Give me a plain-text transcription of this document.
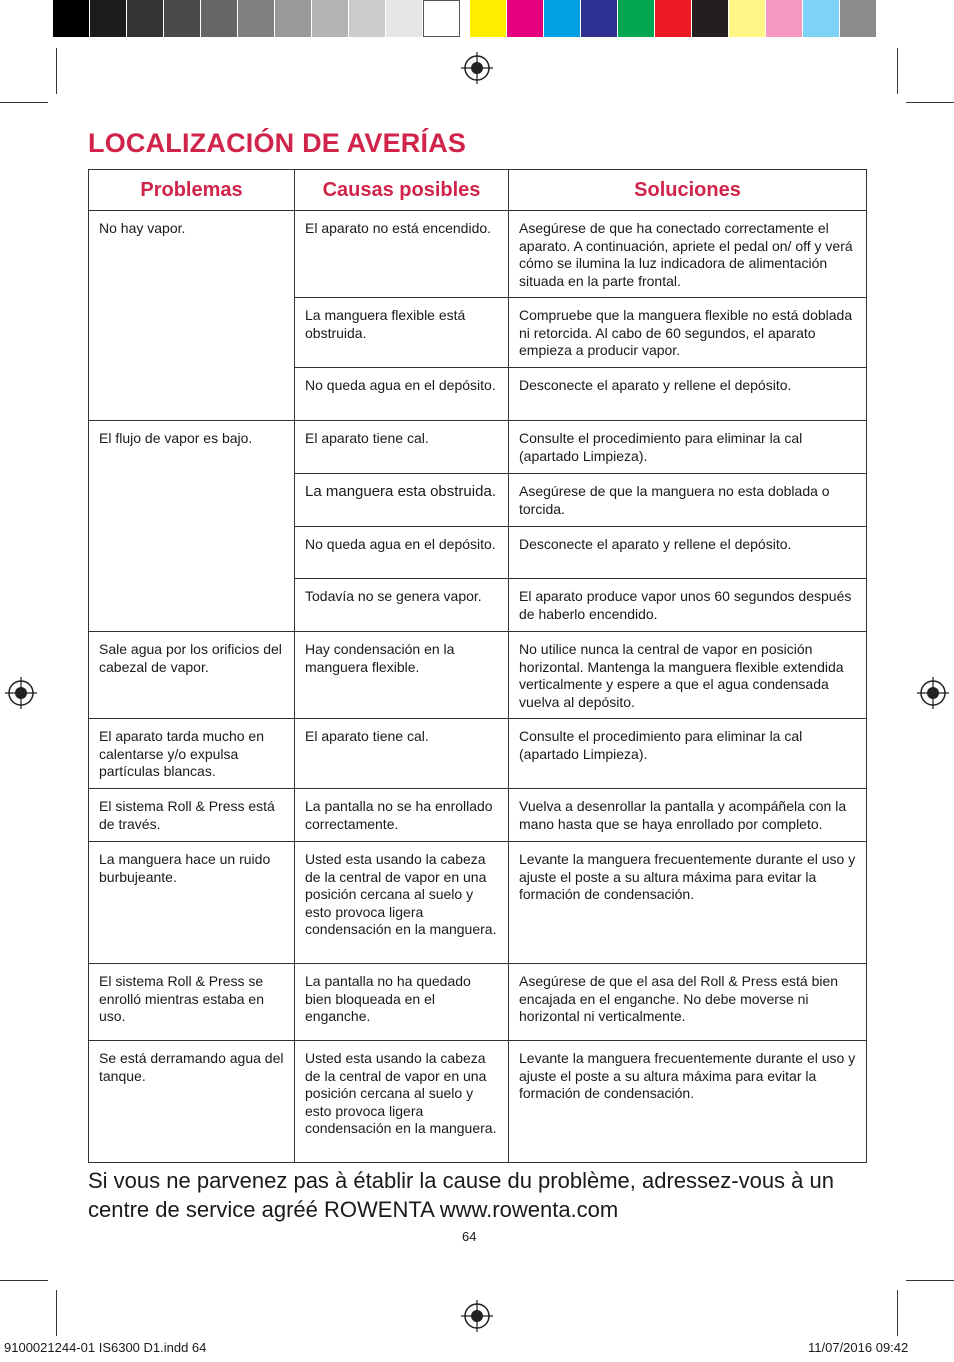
LOCALIZACIÓN DE AVERÍAS
Problemas	Causas posibles	Soluciones
No hay vapor.	El aparato no está encendido.	Asegúrese de que ha conectado correctamente el aparato. A continuación, apriete el pedal on/ off y verá cómo se ilumina la luz indicadora de alimentación situada en la parte frontal.
	La manguera flexible está obstruida.	Compruebe que la manguera flexible no está doblada ni retorcida. Al cabo de 60 segundos, el aparato empieza a producir vapor.
	No queda agua en el depósito.	Desconecte el aparato y rellene el depósito.
El flujo de vapor es bajo.	El aparato tiene cal.	Consulte el procedimiento para eliminar la cal (apartado Limpieza).
	La manguera esta obstruida.	Asegúrese de que la manguera no esta doblada o torcida.
	No queda agua en el depósito.	Desconecte el aparato y rellene el depósito.
	Todavía no se genera vapor.	El aparato produce vapor unos 60 segundos después de haberlo encendido.
Sale agua por los orificios del cabezal de vapor.	Hay condensación en la manguera flexible.	No utilice nunca la central de vapor en posición horizontal. Mantenga la manguera flexible extendida verticalmente y espere a que el agua condensada vuelva al depósito.
El aparato tarda mucho en calentarse y/o expulsa partículas blancas.	El aparato tiene cal.	Consulte el procedimiento para eliminar la cal (apartado Limpieza).
El sistema Roll & Press está de través.	La pantalla no se ha enrollado correctamente.	Vuelva a desenrollar la pantalla y acompáñela con la mano hasta que se haya enrollado por completo.
La manguera hace un ruido burbujeante.	Usted esta usando la cabeza de la central de vapor en una posición cercana al suelo y esto provoca ligera condensación en la manguera.	Levante la manguera frecuentemente durante el uso y ajuste el poste a su altura máxima para evitar la formación de condensación.
El sistema Roll & Press se enrolló mientras estaba en uso.	La pantalla no ha quedado bien bloqueada en el enganche.	Asegúrese de que el asa del Roll & Press está bien encajada en el enganche. No debe moverse ni horizontal ni verticalmente.
Se está derramando agua del tanque.	Usted esta usando la cabeza de la central de vapor en una posición cercana al suelo y esto provoca ligera condensación en la manguera.	Levante la manguera frecuentemente durante el uso y ajuste el poste a su altura máxima para evitar la formación de condensación.

Si vous ne parvenez pas à établir la cause du problème, adressez-vous à un centre de service agréé ROWENTA www.rowenta.com

64
9100021244-01 IS6300 D1.indd 64	11/07/2016 09:42
